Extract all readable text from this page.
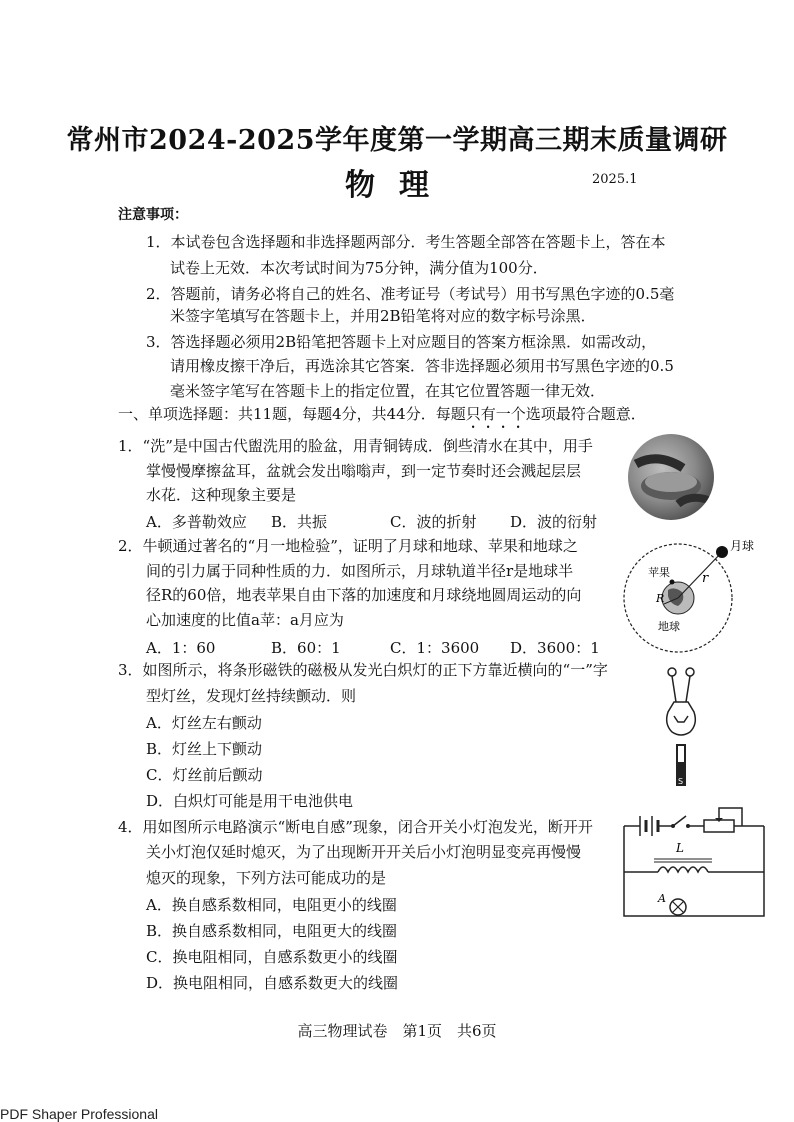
常州市2024-2025学年度第一学期高三期末质量调研
物理	2025.1
注意事项：
1．本试卷包含选择题和非选择题两部分．考生答题全部答在答题卡上，答在本
试卷上无效．本次考试时间为75分钟，满分值为100分．
2．答题前，请务必将自己的姓名、准考证号（考试号）用书写黑色字迹的0.5毫
米签字笔填写在答题卡上，并用2B铅笔将对应的数字标号涂黑．
3．答选择题必须用2B铅笔把答题卡上对应题目的答案方框涂黑．如需改动，
请用橡皮擦干净后，再选涂其它答案．答非选择题必须用书写黑色字迹的0.5
毫米签字笔写在答题卡上的指定位置，在其它位置答题一律无效．
一、单项选择题：共11题，每题4分，共44分．每题只有一个选项最符合题意．
1．“洗”是中国古代盥洗用的脸盆，用青铜铸成．倒些清水在其中，用手
掌慢慢摩擦盆耳，盆就会发出嗡嗡声，到一定节奏时还会溅起层层
水花．这种现象主要是
A．多普勒效应 B．共振	C．波的折射 D．波的衍射
2．牛顿通过著名的“月一地检验”，证明了月球和地球、苹果和地球之
间的引力属于同种性质的力．如图所示，月球轨道半径r是地球半
径R的60倍，地表苹果自由下落的加速度和月球绕地圆周运动的向
心加速度的比值a苹：a月应为
A．1：60	B．60：1	C．1：3600 D．3600：1
月球
苹果
地球
r
R
3．如图所示，将条形磁铁的磁极从发光白炽灯的正下方靠近横向的“一”字
型灯丝，发现灯丝持续颤动．则
A．灯丝左右颤动
B．灯丝上下颤动
C．灯丝前后颤动
D．白炽灯可能是用干电池供电
S
4．用如图所示电路演示“断电自感”现象，闭合开关小灯泡发光，断开开
关小灯泡仅延时熄灭，为了出现断开开关后小灯泡明显变亮再慢慢
熄灭的现象，下列方法可能成功的是
A．换自感系数相同，电阻更小的线圈
B．换自感系数相同，电阻更大的线圈
C．换电阻相同，自感系数更小的线圈
D．换电阻相同，自感系数更大的线圈
L
A
高三物理试卷　第1页　共6页
PDF Shaper Professional
